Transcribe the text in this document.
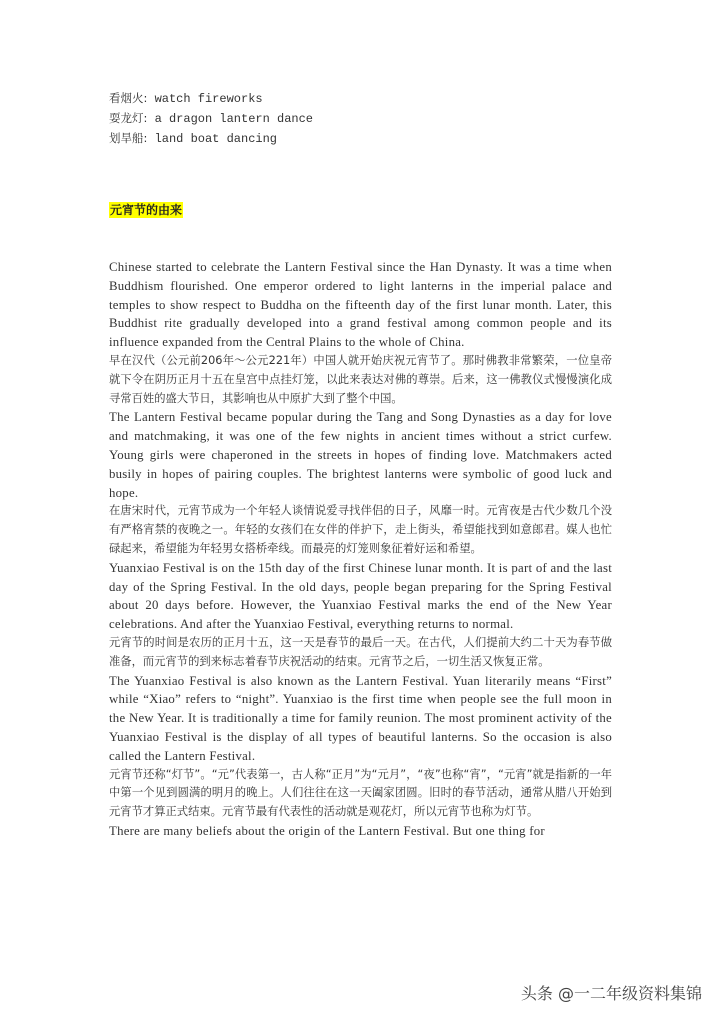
看烟火: watch fireworks
耍龙灯: a dragon lantern dance
划旱船: land boat dancing
元宵节的由来

Chinese started to celebrate the Lantern Festival since the Han Dynasty. It was a time when Buddhism flourished. One emperor ordered to light lanterns in the imperial palace and temples to show respect to Buddha on the fifteenth day of the first lunar month. Later, this Buddhist rite gradually developed into a grand festival among common people and its influence expanded from the Central Plains to the whole of China.

早在汉代（公元前206年～公元221年）中国人就开始庆祝元宵节了。那时佛教非常繁荣，一位皇帝就下令在阴历正月十五在皇宫中点挂灯笼，以此来表达对佛的尊崇。后来，这一佛教仪式慢慢演化成寻常百姓的盛大节日，其影响也从中原扩大到了整个中国。

The Lantern Festival became popular during the Tang and Song Dynasties as a day for love and matchmaking, it was one of the few nights in ancient times without a strict curfew. Young girls were chaperoned in the streets in hopes of finding love. Matchmakers acted busily in hopes of pairing couples. The brightest lanterns were symbolic of good luck and hope.

在唐宋时代，元宵节成为一个年轻人谈情说爱寻找伴侣的日子，风靡一时。元宵夜是古代少数几个没有严格宵禁的夜晚之一。年轻的女孩们在女伴的伴护下，走上街头，希望能找到如意郎君。媒人也忙碌起来，希望能为年轻男女搭桥牵线。而最亮的灯笼则象征着好运和希望。

Yuanxiao Festival is on the 15th day of the first Chinese lunar month. It is part of and the last day of the Spring Festival. In the old days, people began preparing for the Spring Festival about 20 days before. However, the Yuanxiao Festival marks the end of the New Year celebrations. And after the Yuanxiao Festival, everything returns to normal.

元宵节的时间是农历的正月十五，这一天是春节的最后一天。在古代，人们提前大约二十天为春节做准备，而元宵节的到来标志着春节庆祝活动的结束。元宵节之后，一切生活又恢复正常。

The Yuanxiao Festival is also known as the Lantern Festival. Yuan literarily means “First” while “Xiao” refers to “night”. Yuanxiao is the first time when people see the full moon in the New Year. It is traditionally a time for family reunion. The most prominent activity of the Yuanxiao Festival is the display of all types of beautiful lanterns. So the occasion is also called the Lantern Festival.

元宵节还称“灯节”。“元”代表第一，古人称“正月”为“元月”，“夜”也称“宵”，“元宵”就是指新的一年中第一个见到圆满的明月的晚上。人们往往在这一天阖家团圆。旧时的春节活动，通常从腊八开始到元宵节才算正式结束。元宵节最有代表性的活动就是观花灯，所以元宵节也称为灯节。

There are many beliefs about the origin of the Lantern Festival. But one thing for

头条 @一二年级资料集锦
